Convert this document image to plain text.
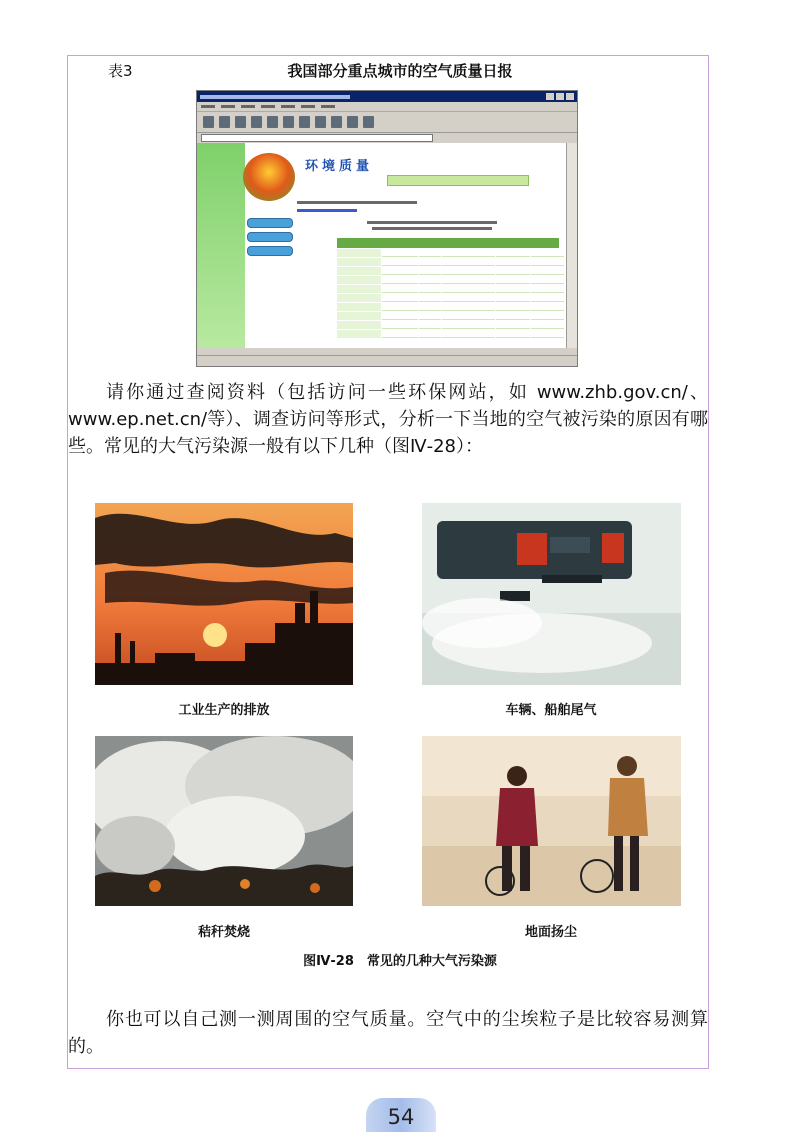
表3	我国部分重点城市的空气质量日报
环境质量
请你通过查阅资料（包括访问一些环保网站，如 www.zhb.gov.cn/、www.ep.net.cn/等）、调查访问等形式，分析一下当地的空气被污染的原因有哪些。常见的大气污染源一般有以下几种（图Ⅳ-28）：
工业生产的排放	车辆、船舶尾气
秸秆焚烧	地面扬尘
图Ⅳ-28　常见的几种大气污染源
你也可以自己测一测周围的空气质量。空气中的尘埃粒子是比较容易测算的。
54
